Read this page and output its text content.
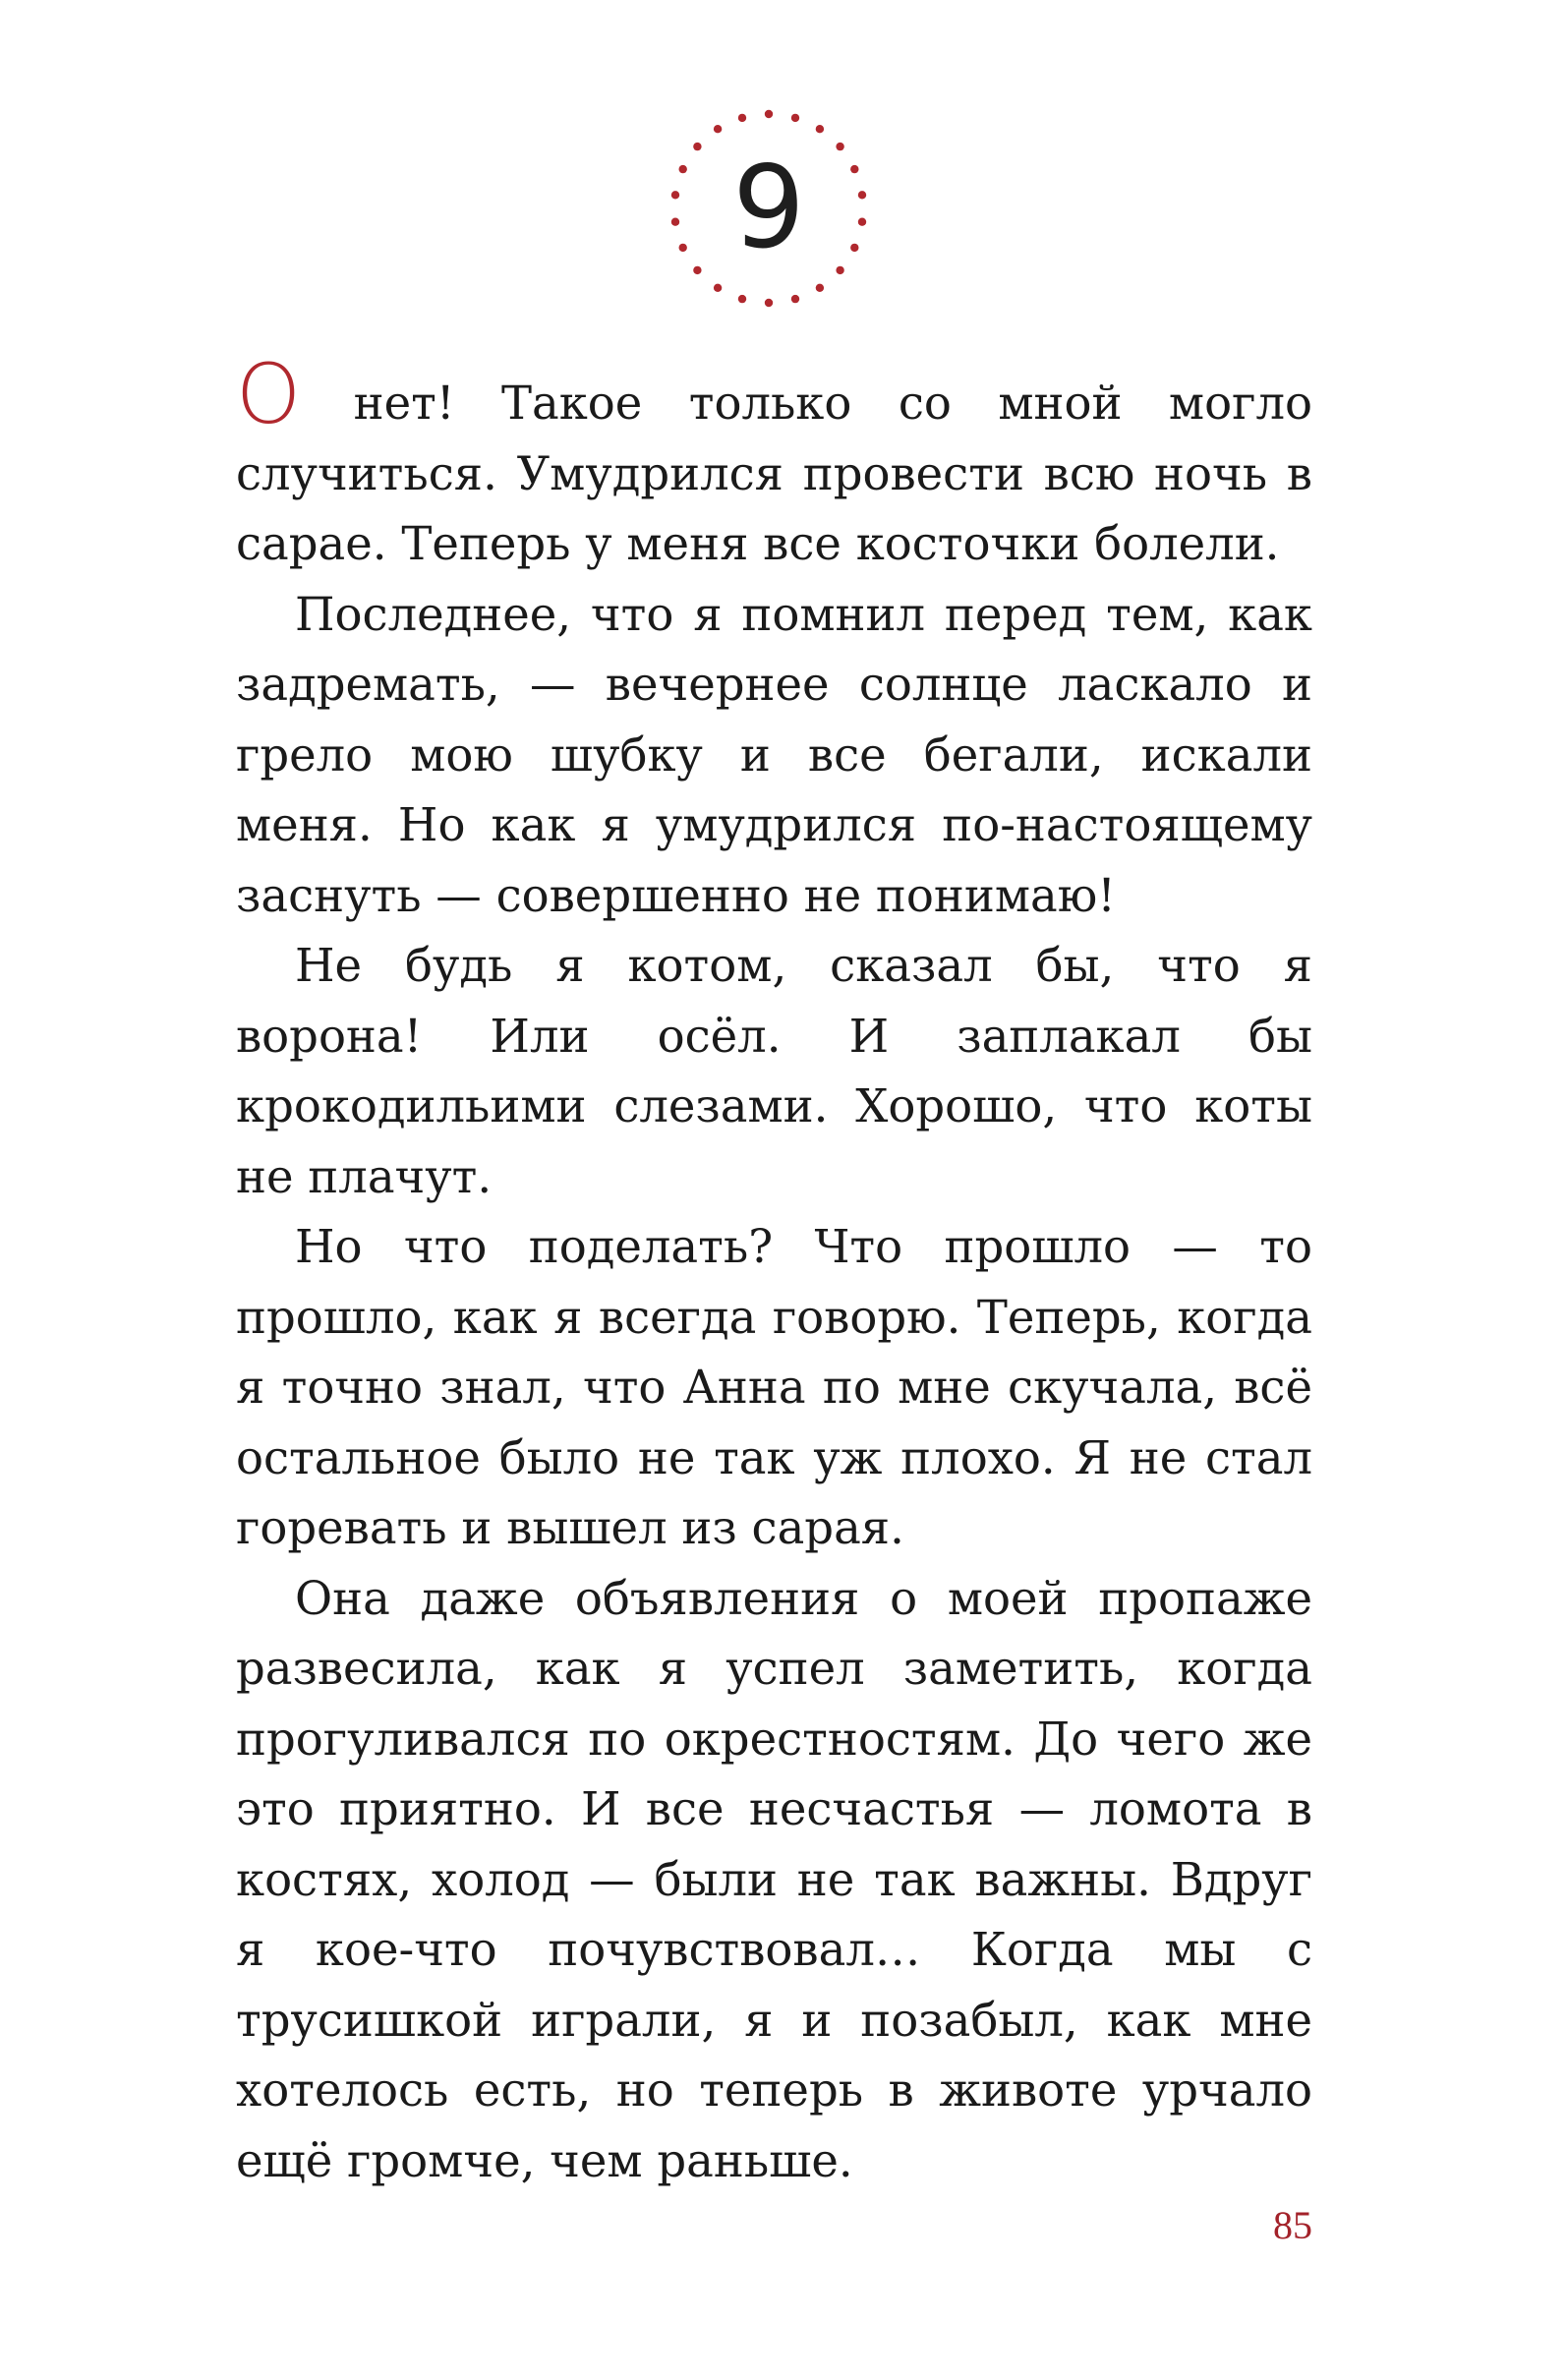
9

О нет! Такое только со мной могло случиться. Умудрился провести всю ночь в сарае. Теперь у меня все косточки болели.

Последнее, что я помнил перед тем, как задремать, — вечернее солнце ласкало и грело мою шубку и все бегали, искали меня. Но как я умудрился по-настоящему заснуть — совершенно не понимаю!

Не будь я котом, сказал бы, что я ворона! Или осёл. И заплакал бы крокодильими слезами. Хорошо, что коты не плачут.

Но что поделать? Что прошло — то прошло, как я всегда говорю. Теперь, когда я точно знал, что Анна по мне скучала, всё остальное было не так уж плохо. Я не стал горевать и вышел из сарая.

Она даже объявления о моей пропаже развесила, как я успел заметить, когда прогуливался по окрестностям. До чего же это приятно. И все несчастья — ломота в костях, холод — были не так важны. Вдруг я кое-что почувствовал… Когда мы с трусишкой играли, я и позабыл, как мне хотелось есть, но теперь в животе урчало ещё громче, чем раньше.

85
